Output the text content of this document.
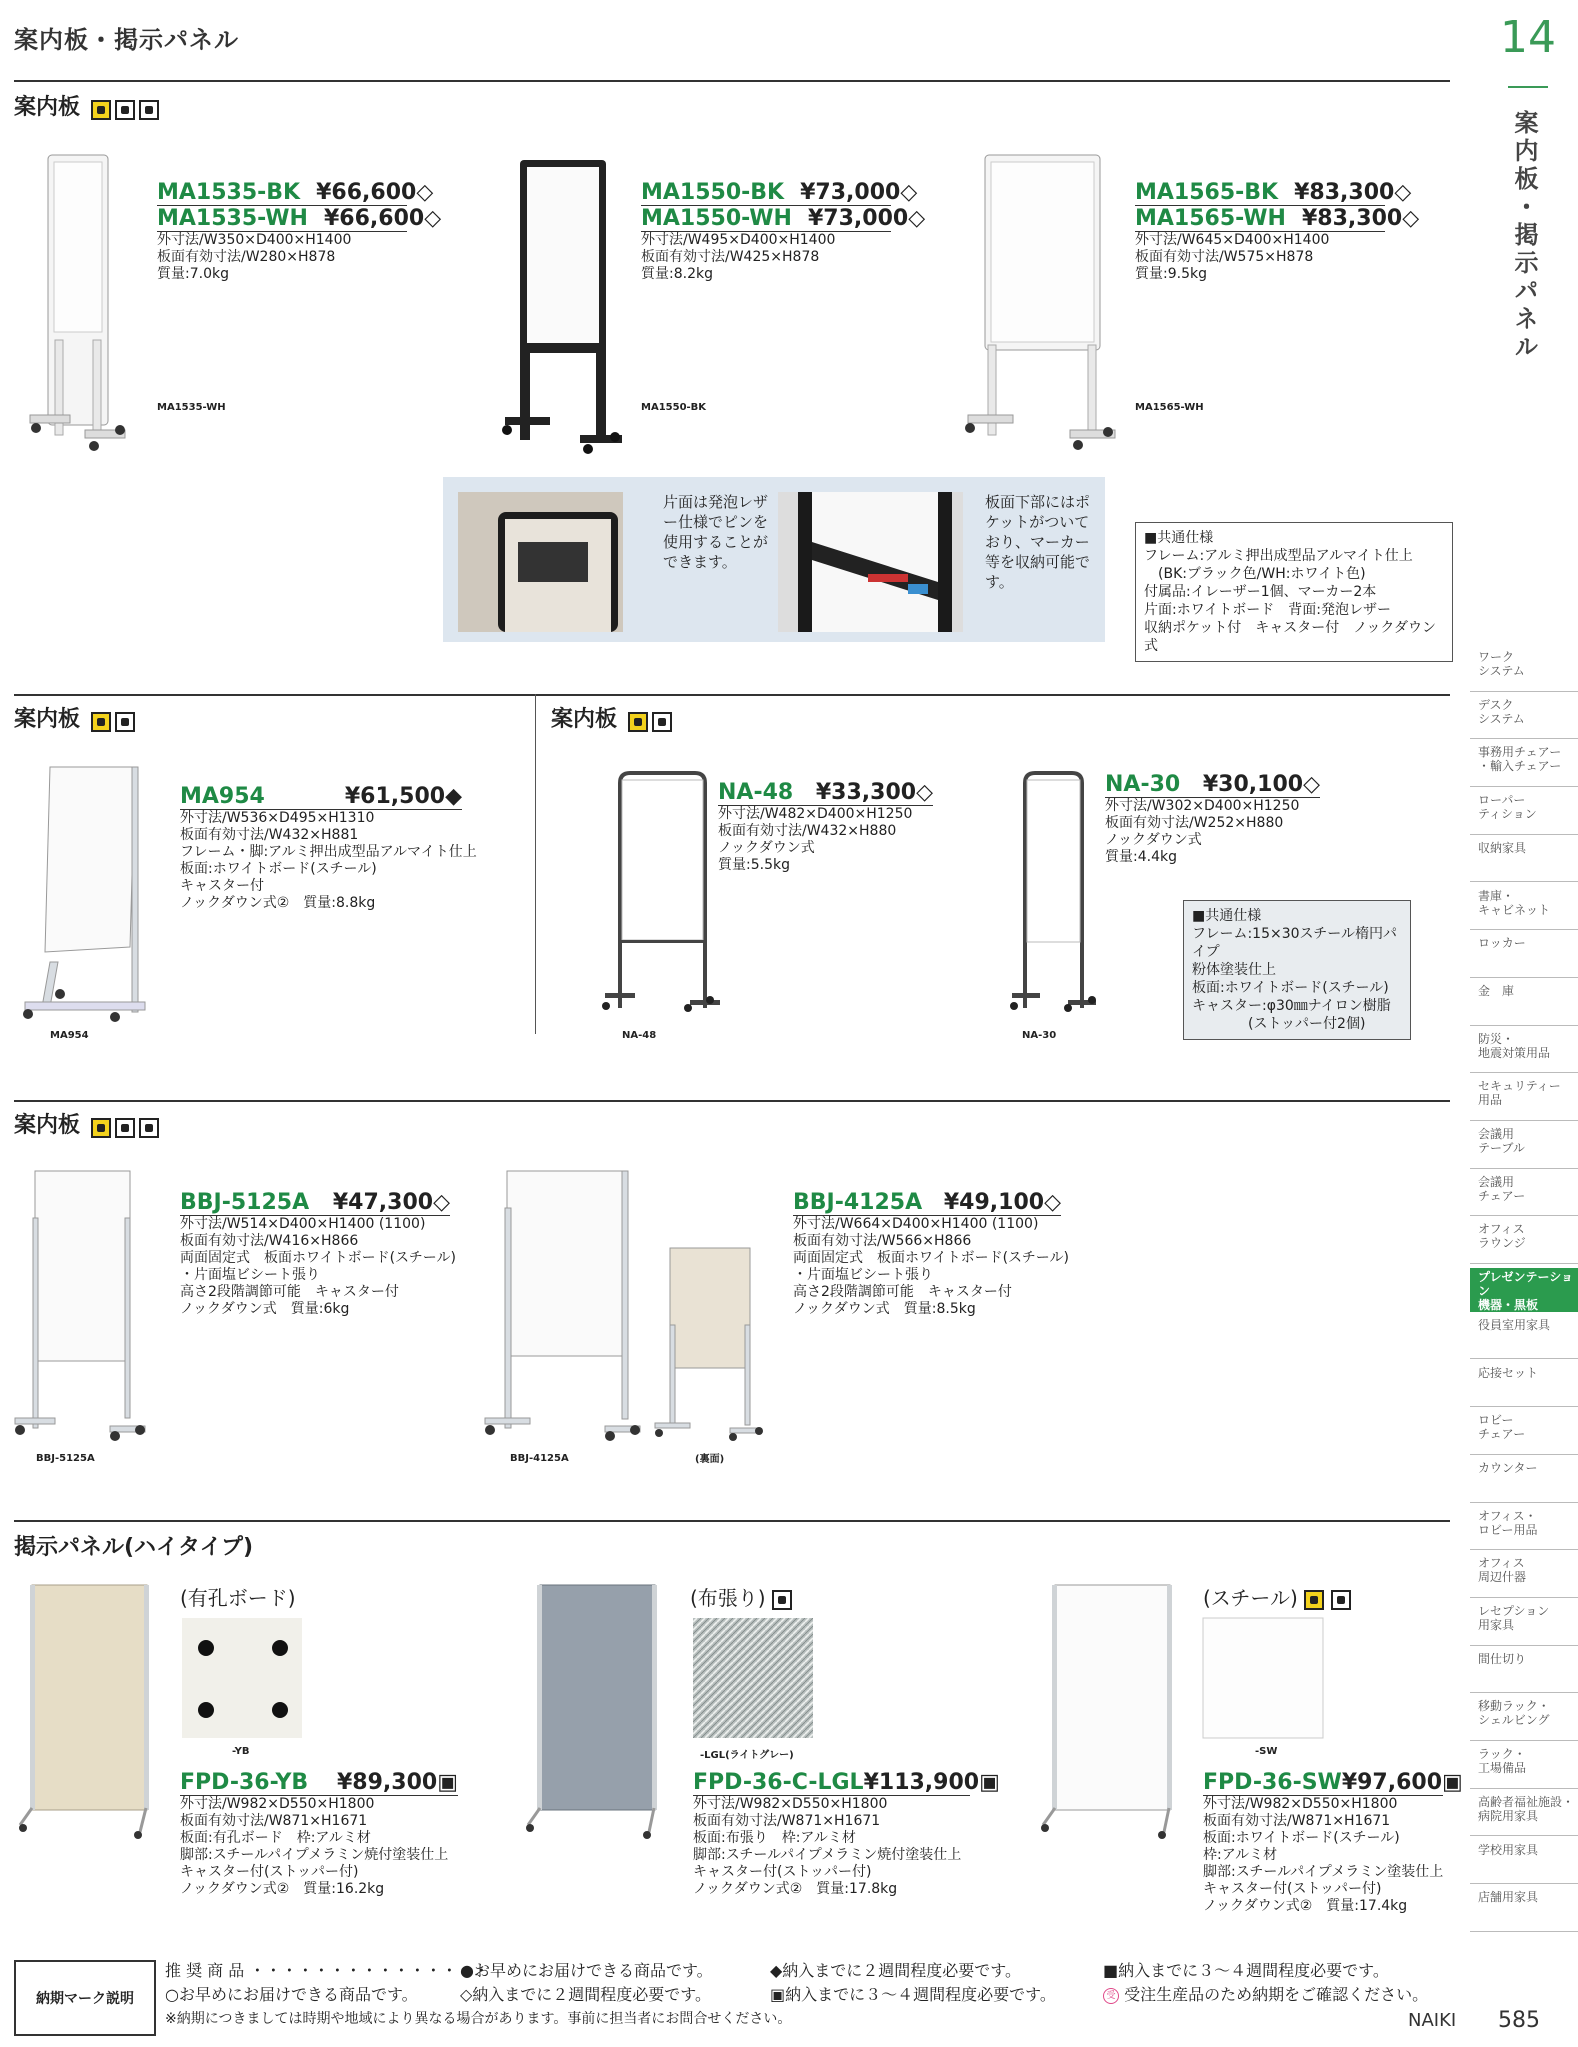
案内板・掲示パネル	14
案内板・掲示パネル
案内板
MA1535-BK ¥66,600◇
MA1535-WH ¥66,600◇
外寸法/W350×D400×H1400
板面有効寸法/W280×H878
質量:7.0kg
MA1535-WH
MA1550-BK ¥73,000◇
MA1550-WH ¥73,000◇
外寸法/W495×D400×H1400
板面有効寸法/W425×H878
質量:8.2kg
MA1550-BK
MA1565-BK ¥83,300◇
MA1565-WH ¥83,300◇
外寸法/W645×D400×H1400
板面有効寸法/W575×H878
質量:9.5kg
MA1565-WH
片面は発泡レザー仕様でピンを使用することができます。
板面下部にはポケットがついており、マーカー等を収納可能です。
■共通仕様
フレーム:アルミ押出成型品アルマイト仕上
　(BK:ブラック色/WH:ホワイト色)
付属品:イレーザー1個、マーカー2本
片面:ホワイトボード　背面:発泡レザー
収納ポケット付　キャスター付　ノックダウン式
案内板	案内板
MA954	¥61,500◆
外寸法/W536×D495×H1310
板面有効寸法/W432×H881
フレーム・脚:アルミ押出成型品アルマイト仕上
板面:ホワイトボード(スチール)
キャスター付
ノックダウン式②　質量:8.8kg
MA954
NA-48 ¥33,300◇
外寸法/W482×D400×H1250
板面有効寸法/W432×H880
ノックダウン式
質量:5.5kg
NA-48
NA-30 ¥30,100◇
外寸法/W302×D400×H1250
板面有効寸法/W252×H880
ノックダウン式
質量:4.4kg
NA-30
■共通仕様
フレーム:15×30スチール楕円パイプ
粉体塗装仕上
板面:ホワイトボード(スチール)
キャスター:φ30㎜ナイロン樹脂
　　　　(ストッパー付2個)
案内板
BBJ-5125A ¥47,300◇
外寸法/W514×D400×H1400 (1100)
板面有効寸法/W416×H866
両面固定式　板面ホワイトボード(スチール)
・片面塩ビシート張り
高さ2段階調節可能　キャスター付
ノックダウン式　質量:6kg
BBJ-5125A
BBJ-4125A ¥49,100◇
外寸法/W664×D400×H1400 (1100)
板面有効寸法/W566×H866
両面固定式　板面ホワイトボード(スチール)
・片面塩ビシート張り
高さ2段階調節可能　キャスター付
ノックダウン式　質量:8.5kg
BBJ-4125A	(裏面)
掲示パネル(ハイタイプ)
(有孔ボード)
-YB
FPD-36-YB ¥89,300▣
外寸法/W982×D550×H1800
板面有効寸法/W871×H1671
板面:有孔ボード　枠:アルミ材
脚部:スチールパイプメラミン焼付塗装仕上
キャスター付(ストッパー付)
ノックダウン式②　質量:16.2kg
(布張り)
-LGL(ライトグレー)
FPD-36-C-LGL ¥113,900▣
外寸法/W982×D550×H1800
板面有効寸法/W871×H1671
板面:布張り　枠:アルミ材
脚部:スチールパイプメラミン焼付塗装仕上
キャスター付(ストッパー付)
ノックダウン式②　質量:17.8kg
(スチール)
-SW
FPD-36-SW ¥97,600▣
外寸法/W982×D550×H1800
板面有効寸法/W871×H1671
板面:ホワイトボード(スチール)
枠:アルミ材
脚部:スチールパイプメラミン塗装仕上
キャスター付(ストッパー付)
ノックダウン式②　質量:17.4kg
ワーク
システム
デスク
システム
事務用チェアー
・輸入チェアー
ローパー
ティション
収納家具
書庫・
キャビネット
ロッカー
金　庫
防災・
地震対策用品
セキュリティー
用品
会議用
テーブル
会議用
チェアー
オフィス
ラウンジ
プレゼンテーション
機器・黒板
役員室用家具
応接セット
ロビー
チェアー
カウンター
オフィス・
ロビー用品
オフィス
周辺什器
レセプション
用家具
間仕切り
移動ラック・
シェルビング
ラック・
工場備品
高齢者福祉施設・
病院用家具
学校用家具
店舗用家具
納期マーク説明
推 奨 商 品 ・・・・・・・・・・・・・・・
●お早めにお届けできる商品です。	◆納入までに２週間程度必要です。	■納入までに３～４週間程度必要です。
○お早めにお届けできる商品です。	◇納入までに２週間程度必要です。	▣納入までに３～４週間程度必要です。	受 受注生産品のため納期をご確認ください。
※納期につきましては時期や地域により異なる場合があります。事前に担当者にお問合せください。	NAIKI 585
